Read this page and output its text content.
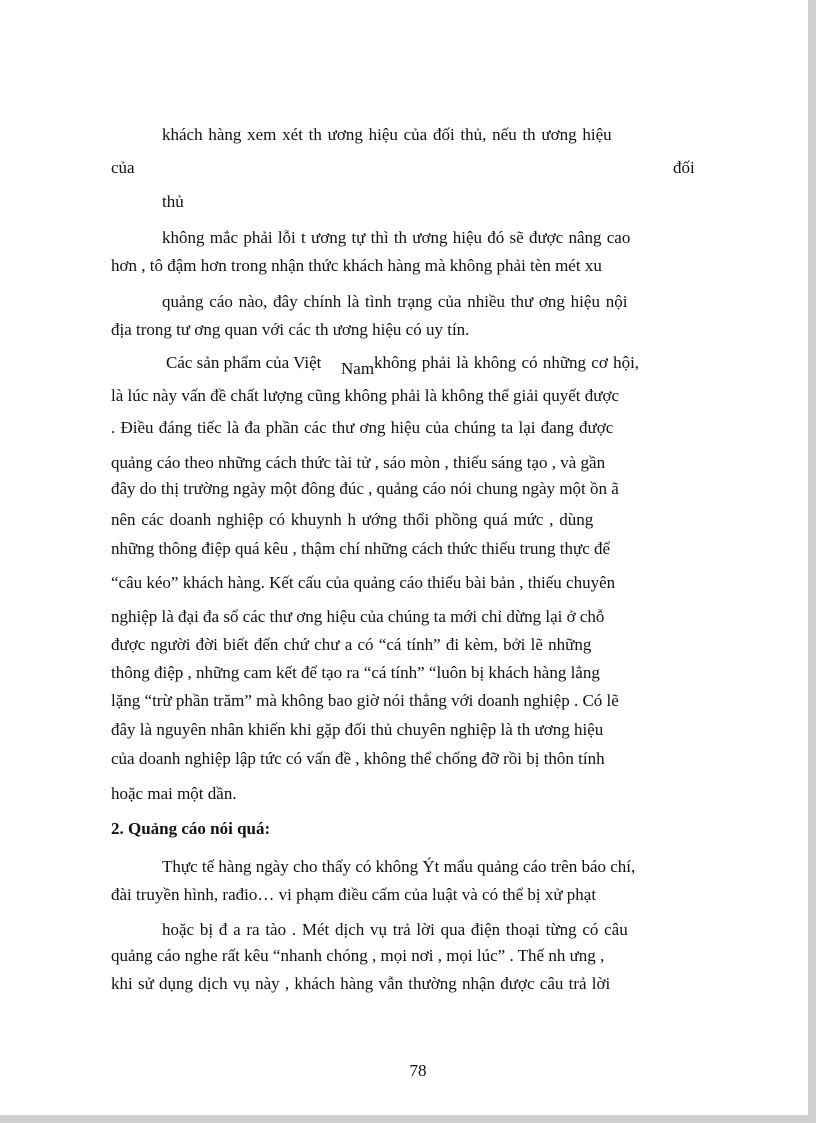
khách hàng xem xét th ương hiệu của đối thủ, nếu th ương hiệu
của	đối
thủ
không mắc phải lỗi t ương tự thì th ương hiệu đó sẽ được nâng cao
hơn , tô đậm hơn trong nhận thức khách hàng mà không phải tèn mét xu
quảng cáo nào, đây chính là tình trạng của nhiều thư ơng hiệu nội
địa trong tư ơng quan với các th ương hiệu có uy tín.
Các sản phẩm của Việt Nam không phải là không có những cơ hội,
là lúc này vấn đề chất lượng cũng không phải là không thể giải quyết được
. Điều đáng tiếc là đa phần các thư ơng hiệu của chúng ta lại đang được
quảng cáo theo những cách thức tài tử , sáo mòn , thiếu sáng tạo , và gần
đây do thị trường ngày một đông đúc , quảng cáo nói chung ngày một ồn ã
nên các doanh nghiệp có khuynh h ướng thổi phồng quá mức , dùng
những thông điệp quá kêu , thậm chí những cách thức thiếu trung thực để
“câu kéo” khách hàng. Kết cấu của quảng cáo thiếu bài bản , thiếu chuyên
nghiệp là đại đa số các thư ơng hiệu của chúng ta mới chỉ dừng lại ở chỗ
được người đời biết đến chứ chư a có “cá tính” đi kèm, bởi lẽ những
thông điệp , những cam kết để tạo ra “cá tính” “luôn bị khách hàng lẳng
lặng “trừ phần trăm” mà không bao giờ nói thẳng với doanh nghiệp . Có lẽ
đây là nguyên nhân khiến khi gặp đối thủ chuyên nghiệp là th ương hiệu
của doanh nghiệp lập tức có vấn đề , không thể chống đỡ rồi bị thôn tính
hoặc mai một dần.
2. Quảng cáo nói quá:
Thực tế hàng ngày cho thấy có không Ýt mẩu quảng cáo trên báo chí,
đài truyền hình, rađio… vi phạm điều cấm của luật và có thể bị xử phạt
hoặc bị đ a ra tào . Mét dịch vụ trả lời qua điện thoại từng có câu
quảng cáo nghe rất kêu “nhanh chóng , mọi nơi , mọi lúc” . Thế nh ưng ,
khi sử dụng dịch vụ này , khách hàng vẫn thường nhận được câu trả lời
78
